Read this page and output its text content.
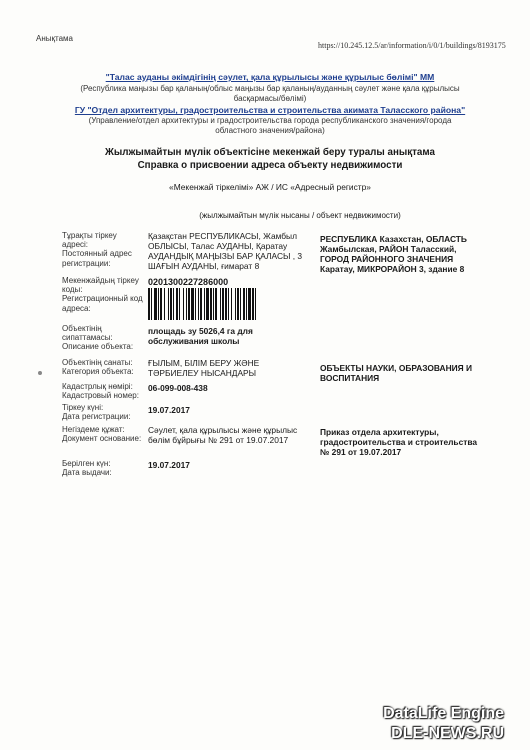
Анықтама
https://10.245.12.5/ar/information/i/0/1/buildings/8193175
"Талас ауданы әкімдігінің сәулет, қала құрылысы және құрылыс бөлімі" ММ
(Республика маңызы бар қаланың/облыс маңызы бар қаланың/ауданның сәулет және қала құрылысы
басқармасы/бөлімі)
ГУ "Отдел архитектуры, градостроительства и строительства акимата Таласского района"
(Управление/отдел архитектуры и градостроительства города республиканского значения/города
областного значения/района)
Жылжымайтын мүлік объектісіне мекенжай беру туралы анықтама
Справка о присвоении адреса объекту недвижимости
«Мекенжай тіркелімі» АЖ / ИС «Адресный регистр»
(жылжымайтын мүлік нысаны / объект недвижимости)
Тұрақты тіркеу
адресі:
Постоянный адрес
регистрации:
Қазақстан РЕСПУБЛИКАСЫ, Жамбыл
ОБЛЫСЫ, Талас АУДАНЫ, Қаратау
АУДАНДЫҚ МАҢЫЗЫ БАР ҚАЛАСЫ , 3
ШАҒЫН АУДАНЫ, ғимарат 8
РЕСПУБЛИКА Казахстан, ОБЛАСТЬ
Жамбылская, РАЙОН Таласский,
ГОРОД РАЙОННОГО ЗНАЧЕНИЯ
Каратау, МИКРОРАЙОН 3, здание 8
Мекенжайдың тіркеу
коды:
Регистрационный код
адреса:
0201300227286000
Объектінің
сипаттамасы:
Описание объекта:
площадь зу 5026,4 га для
обслуживания школы
Объектінің санаты:
Категория объекта:
ҒЫЛЫМ, БІЛІМ БЕРУ ЖӘНЕ
ТӘРБИЕЛЕУ НЫСАНДАРЫ	ОБЪЕКТЫ НАУКИ, ОБРАЗОВАНИЯ И
ВОСПИТАНИЯ
Кадастрлық нөмірі:
Кадастровый номер:
06-099-008-438
Тіркеу күні:
Дата регистрации:
19.07.2017
Негіздеме құжат:
Документ основание:
Сәулет, қала құрылысы және құрылыс
бөлім бұйрығы № 291 от 19.07.2017
Приказ отдела архитектуры,
градостроительства и строительства
№ 291 от 19.07.2017
Берілген күн:
Дата выдачи:
19.07.2017
DataLife Engine
DLE-NEWS.RU
